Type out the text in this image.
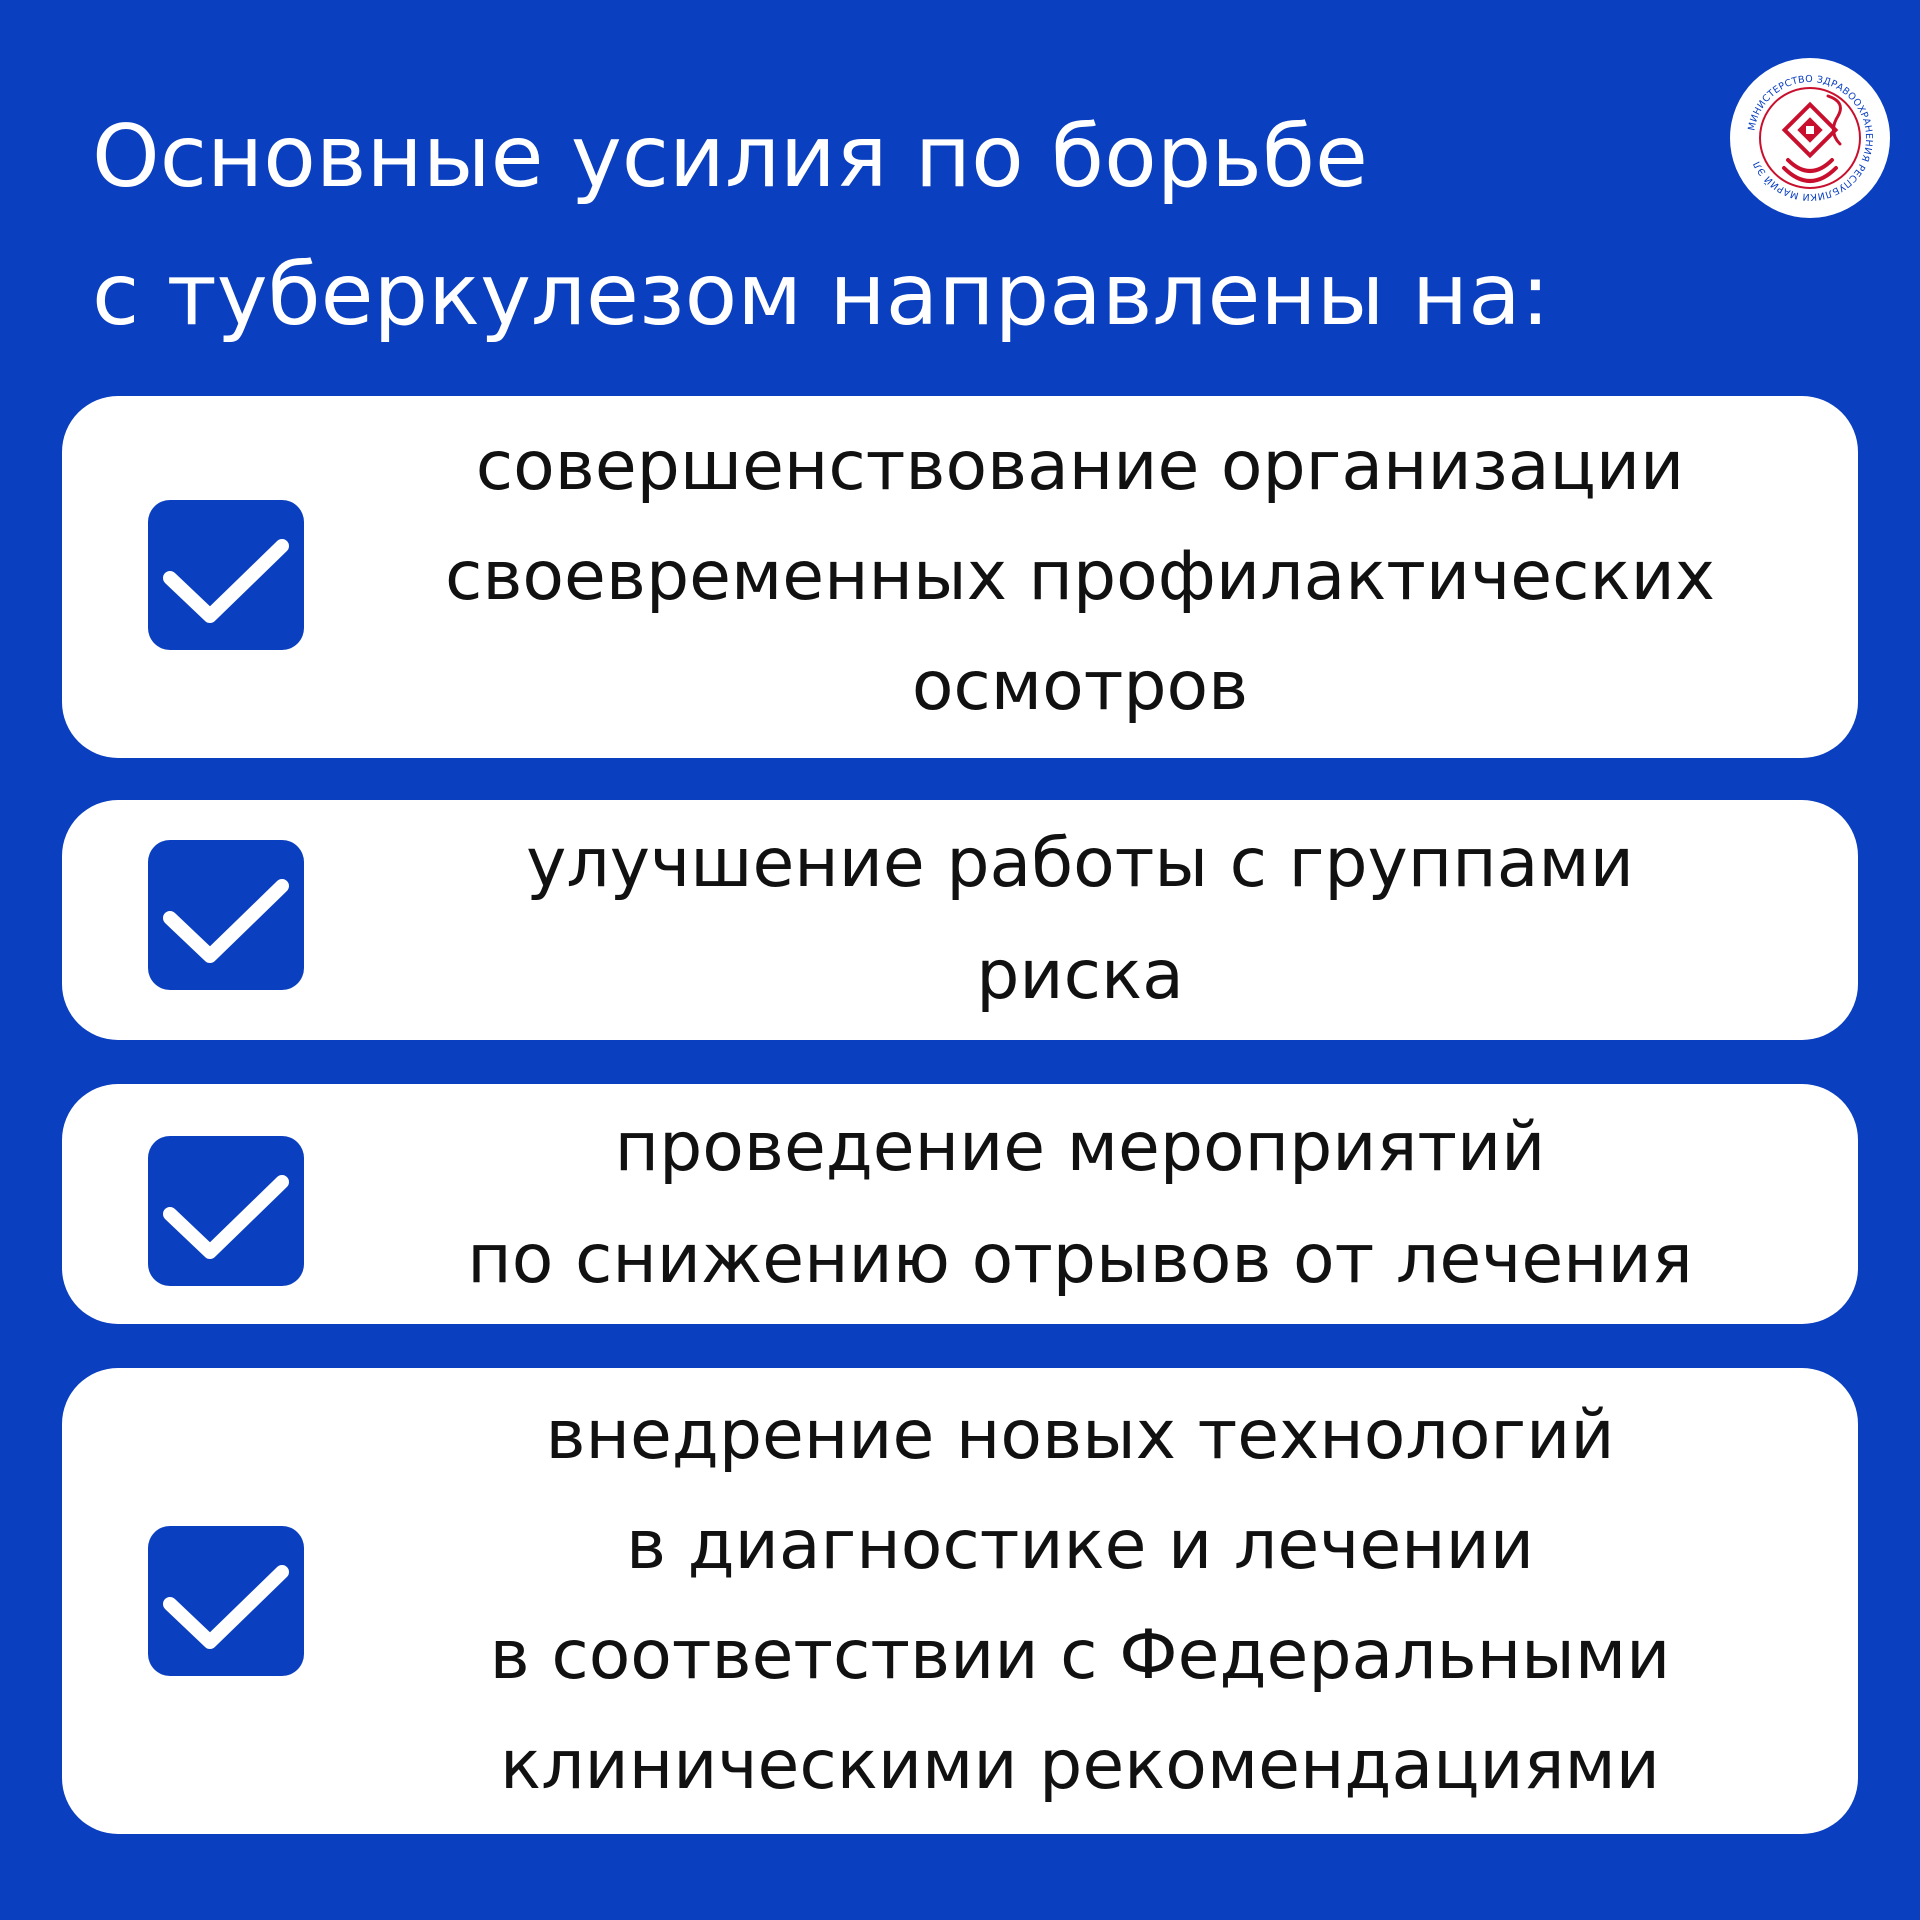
Основные усилия по борьбе
с туберкулезом направлены на:
МИНИСТЕРСТВО ЗДРАВООХРАНЕНИЯ РЕСПУБЛИКИ МАРИЙ ЭЛ
совершенствование организации
своевременных профилактических
осмотров
улучшение работы с группами
риска
проведение мероприятий
по снижению отрывов от лечения
внедрение новых технологий
в диагностике и лечении
в соответствии с Федеральными
клиническими рекомендациями
